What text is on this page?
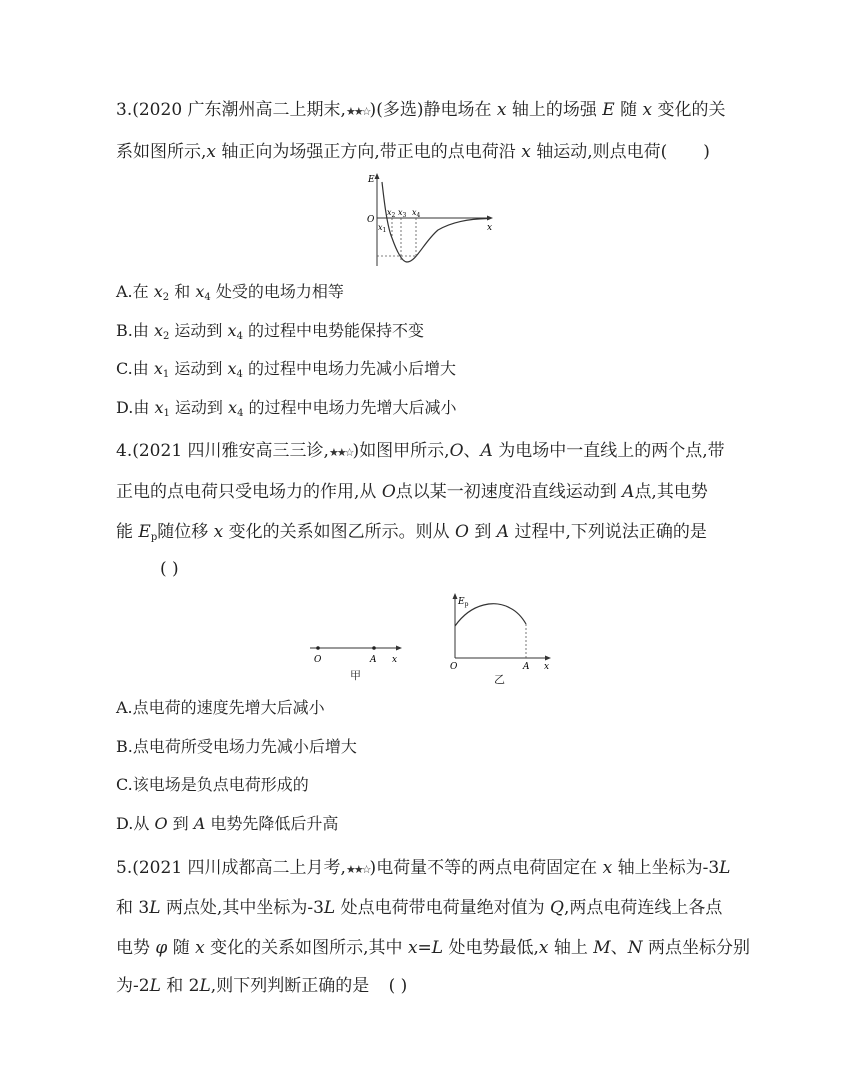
3.(2020 广东潮州高二上期末,★★☆)(多选)静电场在 x 轴上的场强 E 随 x 变化的关
系如图所示,x 轴正向为场强正方向,带正电的点电荷沿 x 轴运动,则点电荷( )
E
O
x
$x_1$
$x_2$ $x_3$ $x_4$
A.在 $x_2$ 和 $x_4$ 处受的电场力相等
B.由 $x_2$ 运动到 $x_4$ 的过程中电势能保持不变
C.由 $x_1$ 运动到 $x_4$ 的过程中电场力先减小后增大
D.由 $x_1$ 运动到 $x_4$ 的过程中电场力先增大后减小
4.(2021 四川雅安高三三诊,★★☆)如图甲所示,O、A 为电场中一直线上的两个点,带
正电的点电荷只受电场力的作用,从 O点以某一初速度沿直线运动到 A点,其电势
能 $E_p$随位移 x 变化的关系如图乙所示。则从 O 到 A 过程中,下列说法正确的是
( )
O	A x
甲
$E_p$
O	A x
乙
A.点电荷的速度先增大后减小
B.点电荷所受电场力先减小后增大
C.该电场是负点电荷形成的
D.从 O 到 A 电势先降低后升高
5.(2021 四川成都高二上月考,★★☆)电荷量不等的两点电荷固定在 x 轴上坐标为-3L
和 3L 两点处,其中坐标为-3L 处点电荷带电荷量绝对值为 Q,两点电荷连线上各点
电势 φ 随 x 变化的关系如图所示,其中 x=L 处电势最低,x 轴上 M、N 两点坐标分别
为-2L 和 2L,则下列判断正确的是 ( )
